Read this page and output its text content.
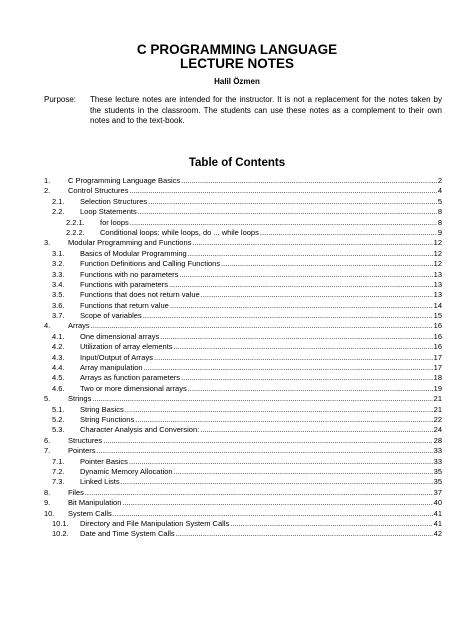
C PROGRAMMING LANGUAGE
LECTURE NOTES
Halil Özmen
Purpose: These lecture notes are intended for the instructor. It is not a replacement for the notes taken by the students in the classroom. The students can use these notes as a complement to their own notes and to the text-book.
Table of Contents
1.	C Programming Language Basics .....	2
2.	Control Structures .....	4
2.1.	Selection Structures .....	5
2.2.	Loop Statements .....	8
2.2.1.	for loops .....	8
2.2.2.	Conditional loops: while loops, do ... while loops .....	9
3.	Modular Programming and Functions .....	12
3.1.	Basics of Modular Programming .....	12
3.2.	Function Definitions and Calling Functions .....	12
3.3.	Functions with no parameters .....	13
3.4.	Functions with parameters .....	13
3.5.	Functions that does not return value .....	13
3.6.	Functions that return value .....	14
3.7.	Scope of variables .....	15
4.	Arrays .....	16
4.1.	One dimensional arrays .....	16
4.2.	Utilization of array elements .....	16
4.3.	Input/Output of Arrays .....	17
4.4.	Array manipulation .....	17
4.5.	Arrays as function parameters .....	18
4.6.	Two or more dimensional arrays .....	19
5.	Strings .....	21
5.1.	String Basics .....	21
5.2.	String Functions .....	22
5.3.	Character Analysis and Conversion: .....	24
6.	Structures .....	28
7.	Pointers .....	33
7.1.	Pointer Basics .....	33
7.2.	Dynamic Memory Allocation .....	35
7.3.	Linked Lists .....	35
8.	Files .....	37
9.	Bit Manipulation .....	40
10.	System Calls .....	41
10.1.	Directory and File Manipulation System Calls .....	41
10.2.	Date and Time System Calls .....	42
